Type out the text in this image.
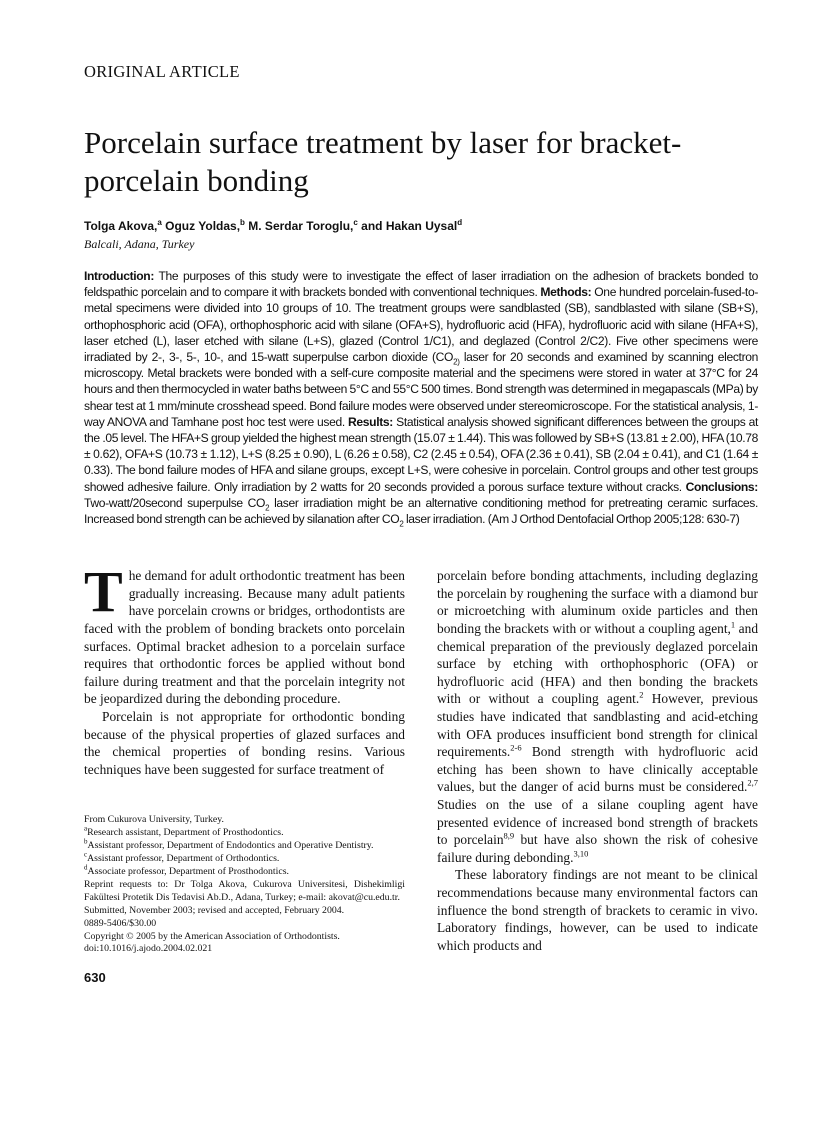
ORIGINAL ARTICLE
Porcelain surface treatment by laser for bracket-porcelain bonding
Tolga Akova,$^a$ Oguz Yoldas,$^b$ M. Serdar Toroglu,$^c$ and Hakan Uysal$^d$
Balcali, Adana, Turkey
Introduction: The purposes of this study were to investigate the effect of laser irradiation on the adhesion of brackets bonded to feldspathic porcelain and to compare it with brackets bonded with conventional techniques. Methods: One hundred porcelain-fused-to-metal specimens were divided into 10 groups of 10. The treatment groups were sandblasted (SB), sandblasted with silane (SB+S), orthophosphoric acid (OFA), orthophosphoric acid with silane (OFA+S), hydrofluoric acid (HFA), hydrofluoric acid with silane (HFA+S), laser etched (L), laser etched with silane (L+S), glazed (Control 1/C1), and deglazed (Control 2/C2). Five other specimens were irradiated by 2-, 3-, 5-, 10-, and 15-watt superpulse carbon dioxide ($CO_{2)}$ laser for 20 seconds and examined by scanning electron microscopy. Metal brackets were bonded with a self-cure composite material and the specimens were stored in water at 37°C for 24 hours and then thermocycled in water baths between 5°C and 55°C 500 times. Bond strength was determined in megapascals (MPa) by shear test at 1 mm/minute crosshead speed. Bond failure modes were observed under stereomicroscope. For the statistical analysis, 1-way ANOVA and Tamhane post hoc test were used. Results: Statistical analysis showed significant differences between the groups at the .05 level. The HFA+S group yielded the highest mean strength (15.07 ± 1.44). This was followed by SB+S (13.81 ± 2.00), HFA (10.78 ± 0.62), OFA+S (10.73 ± 1.12), L+S (8.25 ± 0.90), L (6.26 ± 0.58), C2 (2.45 ± 0.54), OFA (2.36 ± 0.41), SB (2.04 ± 0.41), and C1 (1.64 ± 0.33). The bond failure modes of HFA and silane groups, except L+S, were cohesive in porcelain. Control groups and other test groups showed adhesive failure. Only irradiation by 2 watts for 20 seconds provided a porous surface texture without cracks. Conclusions: Two-watt/20second superpulse $CO_2$ laser irradiation might be an alternative conditioning method for pretreating ceramic surfaces. Increased bond strength can be achieved by silanation after $CO_2$ laser irradiation. (Am J Orthod Dentofacial Orthop 2005;128: 630-7)
T he demand for adult orthodontic treatment has been gradually increasing. Because many adult patients have porcelain crowns or bridges, orthodontists are faced with the problem of bonding brackets onto porcelain surfaces. Optimal bracket adhesion to a porcelain surface requires that orthodontic forces be applied without bond failure during treatment and that the porcelain integrity not be jeopardized during the debonding procedure.

Porcelain is not appropriate for orthodontic bonding because of the physical properties of glazed surfaces and the chemical properties of bonding resins. Various techniques have been suggested for surface treatment of

From Cukurova University, Turkey.
$^a$Research assistant, Department of Prosthodontics.
$^b$Assistant professor, Department of Endodontics and Operative Dentistry.
$^c$Assistant professor, Department of Orthodontics.
$^d$Associate professor, Department of Prosthodontics.
Reprint requests to: Dr Tolga Akova, Cukurova Universitesi, Dishekimligi Fakültesi Protetik Dis Tedavisi Ab.D., Adana, Turkey; e-mail: akovat@cu.edu.tr.
Submitted, November 2003; revised and accepted, February 2004.
0889-5406/$30.00
Copyright © 2005 by the American Association of Orthodontists.
doi:10.1016/j.ajodo.2004.02.021

porcelain before bonding attachments, including deglazing the porcelain by roughening the surface with a diamond bur or microetching with aluminum oxide particles and then bonding the brackets with or without a coupling agent,$^1$ and chemical preparation of the previously deglazed porcelain surface by etching with orthophosphoric (OFA) or hydrofluoric acid (HFA) and then bonding the brackets with or without a coupling agent.$^2$ However, previous studies have indicated that sandblasting and acid-etching with OFA produces insufficient bond strength for clinical requirements.$^{2-6}$ Bond strength with hydrofluoric acid etching has been shown to have clinically acceptable values, but the danger of acid burns must be considered.$^{2,7}$ Studies on the use of a silane coupling agent have presented evidence of increased bond strength of brackets to porcelain$^{8,9}$ but have also shown the risk of cohesive failure during debonding.$^{3,10}$

These laboratory findings are not meant to be clinical recommendations because many environmental factors can influence the bond strength of brackets to ceramic in vivo. Laboratory findings, however, can be used to indicate which products and

630
